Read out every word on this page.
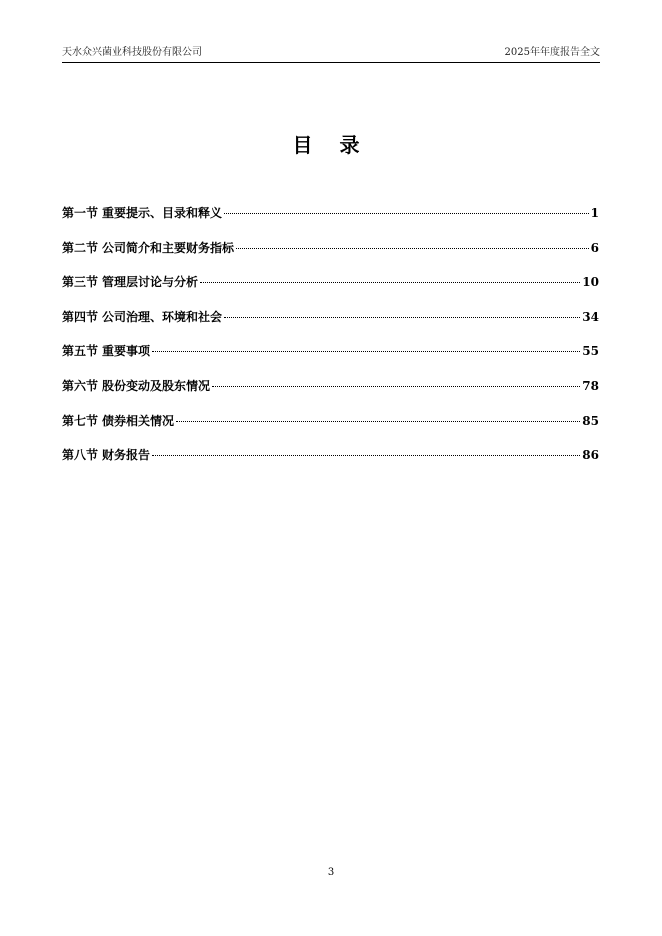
天水众兴菌业科技股份有限公司	2025年年度报告全文
目 录
第一节 重要提示、目录和释义	1
第二节 公司简介和主要财务指标	6
第三节 管理层讨论与分析	10
第四节 公司治理、环境和社会	34
第五节 重要事项	55
第六节 股份变动及股东情况	78
第七节 债券相关情况	85
第八节 财务报告	86
3
